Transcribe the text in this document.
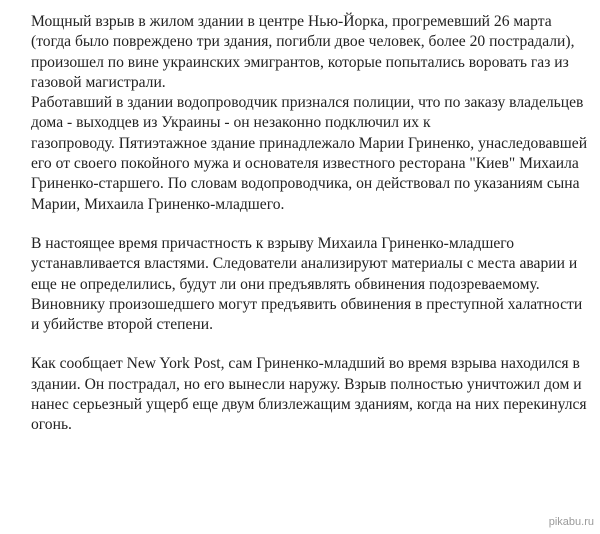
Мощный взрыв в жилом здании в центре Нью-Йорка, прогремевший 26 марта
(тогда было повреждено три здания, погибли двое человек, более 20 пострадали),
произошел по вине украинских эмигрантов, которые попытались воровать газ из
газовой магистрали.
Работавший в здании водопроводчик признался полиции, что по заказу владельцев
дома - выходцев из Украины - он незаконно подключил их к
газопроводу. Пятиэтажное здание принадлежало Марии Гриненко, унаследовавшей
его от своего покойного мужа и основателя известного ресторана "Киев" Михаила
Гриненко-старшего. По словам водопроводчика, он действовал по указаниям сына
Марии, Михаила Гриненко-младшего.

В настоящее время причастность к взрыву Михаила Гриненко-младшего
устанавливается властями. Следователи анализируют материалы с места аварии и
еще не определились, будут ли они предъявлять обвинения подозреваемому.
Виновнику произошедшего могут предъявить обвинения в преступной халатности
и убийстве второй степени.

Как сообщает New York Post, сам Гриненко-младший во время взрыва находился в
здании. Он пострадал, но его вынесли наружу. Взрыв полностью уничтожил дом и
нанес серьезный ущерб еще двум близлежащим зданиям, когда на них перекинулся
огонь.

pikabu.ru
